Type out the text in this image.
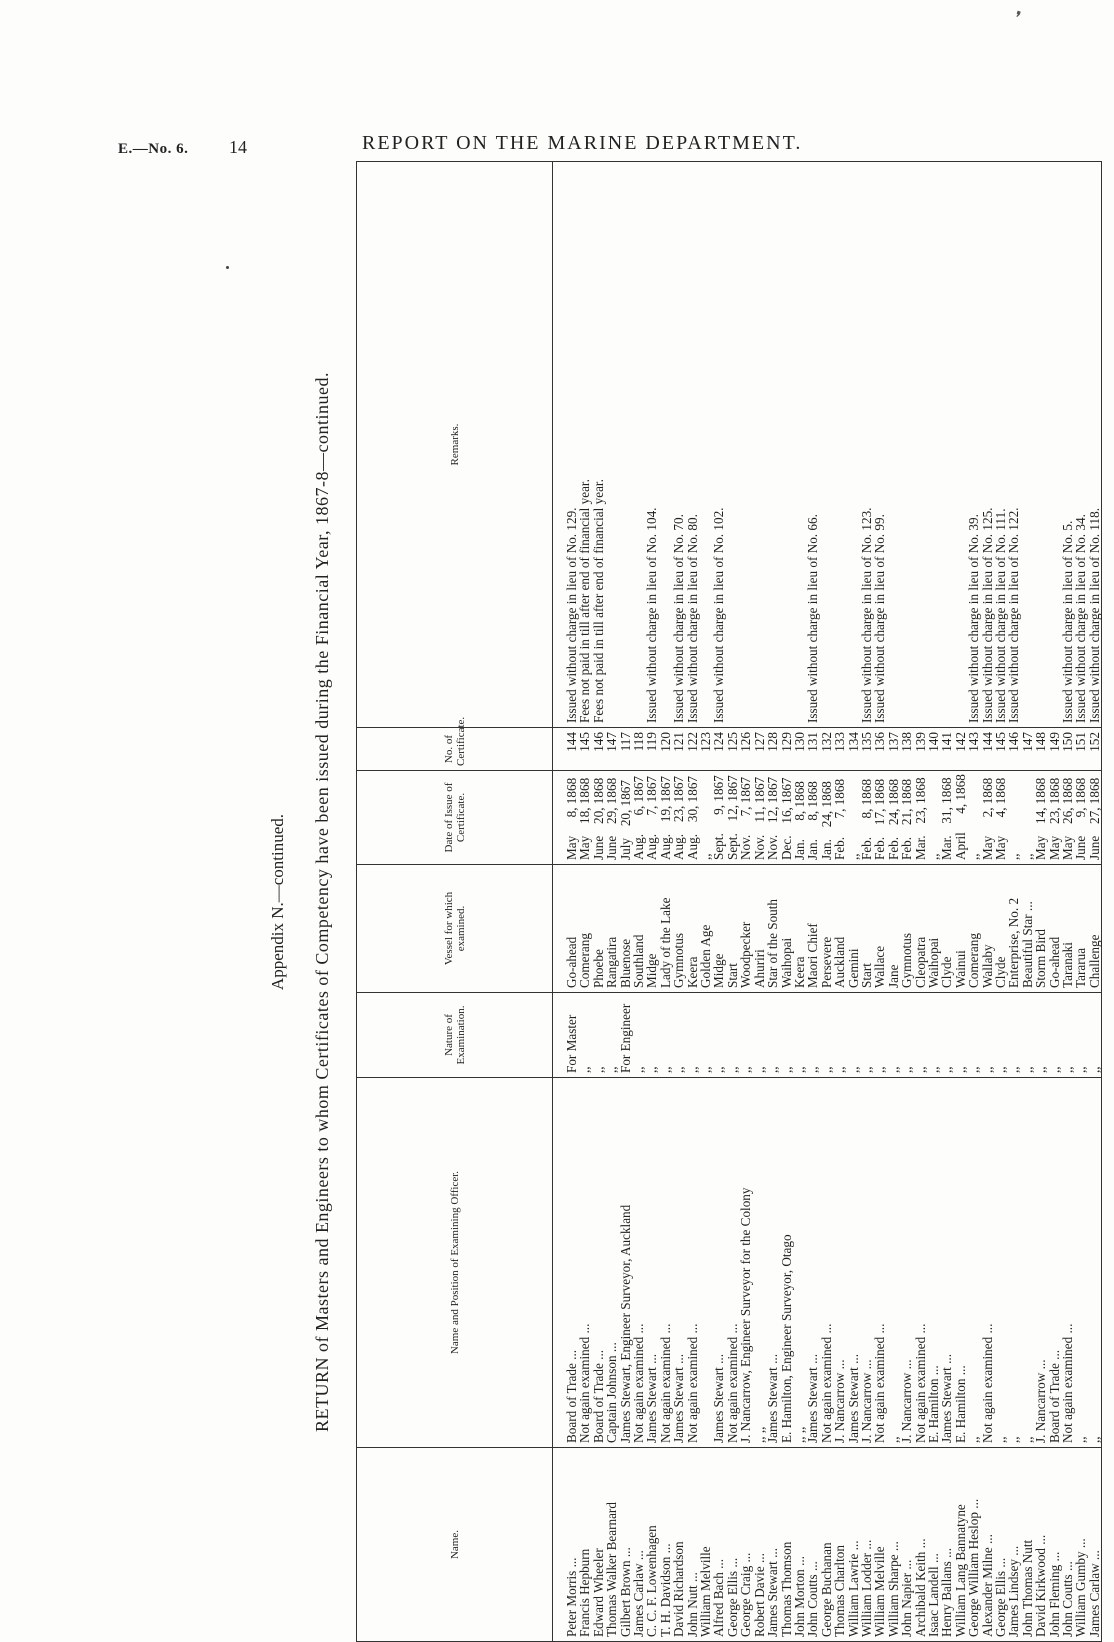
❜
E.—No. 6. 14	REPORT ON THE MARINE DEPARTMENT.
Appendix N.—continued. RETURN of Masters and Engineers to whom Certificates of Competency have been issued during the Financial Year, 1867-8—continued.
Name.	Name and Position of Examining Officer.	Nature of Examination.	Vessel for which examined.	Date of Issue of Certificate.	No. of Certificate.	Remarks.
Peter Morris ...	Board of Trade ...	For Master	Go-ahead	May8, 1868	144	Issued without charge in lieu of No. 129.
Francis Hepburn	Not again examined ...	,,	Comerang	May18, 1868	145	Fees not paid in till after end of financial year.
Edward Wheeler	Board of Trade ...	,,	Phoebe	June20, 1868	146	Fees not paid in till after end of financial year.
Thomas Walker Bearnard	Captain Johnson ...	,,	Rangatira	June29, 1868	147	
Gilbert Brown ...	James Stewart, Engineer Surveyor, Auckland	For Engineer	Bluenose	July20, 1867	117	
James Carlaw ...	Not again examined ...	,,	Southland	Aug.6, 1867	118	
C. C. F. Lowenhagen	James Stewart ...	,,	Midge	Aug.7, 1867	119	Issued without charge in lieu of No. 104.
T. H. Davidson ...	Not again examined ...	,,	Lady of the Lake	Aug.19, 1867	120	
David Richardson	James Stewart ...	,,	Gymnotus	Aug.23, 1867	121	Issued without charge in lieu of No. 70.
John Nutt ...	Not again examined ...	,,	Keera	Aug.30, 1867	122	Issued without charge in lieu of No. 80.
William Melville		,,	Golden Age	,,	123	
Alfred Bach ...	James Stewart ...	,,	Midge	Sept.9, 1867	124	Issued without charge in lieu of No. 102.
George Ellis ...	Not again examined ...	,,	Start	Sept.12, 1867	125	
George Craig ...	J. Nancarrow, Engineer Surveyor for the Colony	,,	Woodpecker	Nov.7, 1867	126	
Robert Davie ...	,, ,,	,,	Ahuriri	Nov.11, 1867	127	
James Stewart ...	James Stewart ...	,,	Star of the South	Nov.12, 1867	128	
Thomas Thomson	E. Hamilton, Engineer Surveyor, Otago	,,	Waihopai	Dec.16, 1867	129	
John Morton ...	,, ,,	,,	Keera	Jan.8, 1868	130	
John Coutts ...	James Stewart ...	,,	Maori Chief	Jan.8, 1868	131	Issued without charge in lieu of No. 66.
George Buchanan	Not again examined ...	,,	Persevere	Jan.24, 1868	132	
Thomas Charlton	J. Nancarrow ...	,,	Auckland	Feb.7, 1868	133	
William Lawrie ...	James Stewart ...	,,	Gemini	,,	134	
William Lodder ...	J. Nancarrow ...	,,	Start	Feb.8, 1868	135	Issued without charge in lieu of No. 123.
William Melville	Not again examined ...	,,	Wallace	Feb.17, 1868	136	Issued without charge in lieu of No. 99.
William Sharpe ...	,,	,,	Jane	Feb.24, 1868	137	
John Napier ...	J. Nancarrow ...	,,	Gymnotus	Feb.21, 1868	138	
Archibald Keith ...	Not again examined ...	,,	Cleopatra	Mar.23, 1868	139	
Isaac Landell ...	E. Hamilton ...	,,	Waihopai	,,	140	
Henry Ballans ...	James Stewart ...	,,	Clyde	Mar.31, 1868	141	
William Lang Bannatyne	E. Hamilton ...	,,	Wainui	April4, 1868	142	
George William Heslop ...	,,	,,	Comerang	,,	143	Issued without charge in lieu of No. 39.
Alexander Milne ...	Not again examined ...	,,	Wallaby	May2, 1868	144	Issued without charge in lieu of No. 125.
George Ellis ...	,,	,,	Clyde	May4, 1868	145	Issued without charge in lieu of No. 111.
James Lindsey ...	,,	,,	Enterprise, No. 2	,,	146	Issued without charge in lieu of No. 122.
John Thomas Nutt	,,	,,	Beautiful Star ...	,,	147	
David Kirkwood ...	J. Nancarrow ...	,,	Storm Bird	May14, 1868	148	
John Fleming ...	Board of Trade ...	,,	Go-ahead	May23, 1868	149	
John Coutts ...	Not again examined ...	,,	Taranaki	May26, 1868	150	Issued without charge in lieu of No. 5.
William Gumby ...	,,	,,	Tararua	June9, 1868	151	Issued without charge in lieu of No. 34.
James Carlaw ...	,,	,,	Challenge	June27, 1868	152	Issued without charge in lieu of No. 118.
